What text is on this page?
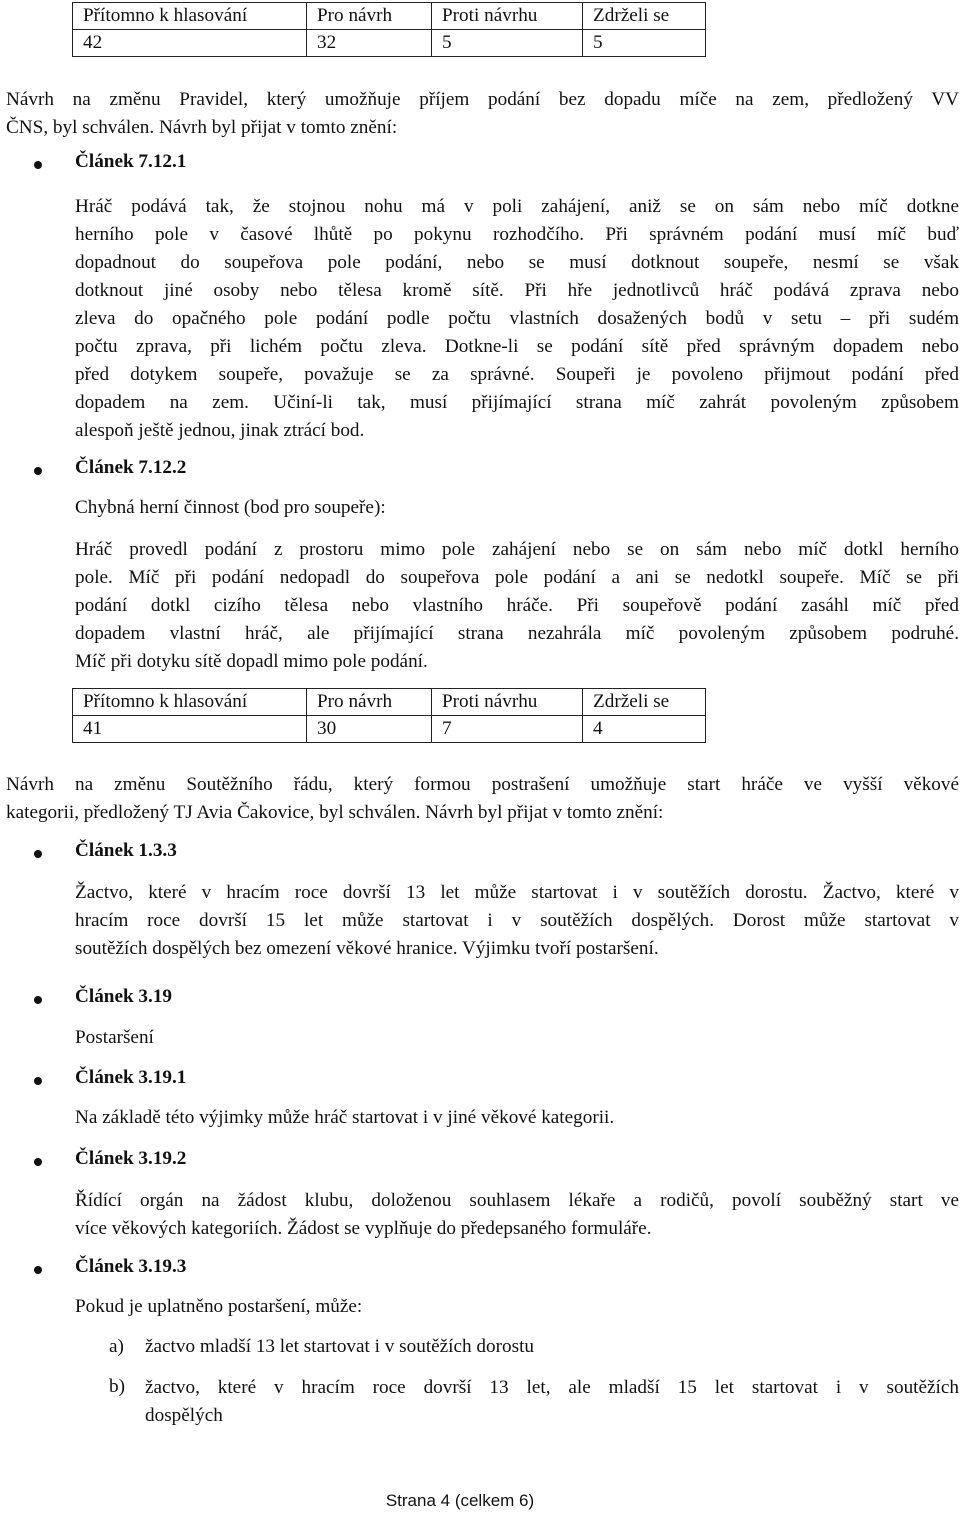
Přítomno k hlasování	Pro návrh	Proti návrhu	Zdrželi se
42	32	5	5
Návrh na změnu Pravidel, který umožňuje příjem podání bez dopadu míče na zem, předložený VV
ČNS, byl schválen. Návrh byl přijat v tomto znění:
Článek 7.12.1
Hráč podává tak, že stojnou nohu má v poli zahájení, aniž se on sám nebo míč dotkne
herního pole v časové lhůtě po pokynu rozhodčího. Při správném podání musí míč buď
dopadnout do soupeřova pole podání, nebo se musí dotknout soupeře, nesmí se však
dotknout jiné osoby nebo tělesa kromě sítě. Při hře jednotlivců hráč podává zprava nebo
zleva do opačného pole podání podle počtu vlastních dosažených bodů v setu – při sudém
počtu zprava, při lichém počtu zleva. Dotkne-li se podání sítě před správným dopadem nebo
před dotykem soupeře, považuje se za správné. Soupeři je povoleno přijmout podání před
dopadem na zem. Učiní-li tak, musí přijímající strana míč zahrát povoleným způsobem
alespoň ještě jednou, jinak ztrácí bod.
Článek 7.12.2
Chybná herní činnost (bod pro soupeře):
Hráč provedl podání z prostoru mimo pole zahájení nebo se on sám nebo míč dotkl herního
pole. Míč při podání nedopadl do soupeřova pole podání a ani se nedotkl soupeře. Míč se při
podání dotkl cizího tělesa nebo vlastního hráče. Při soupeřově podání zasáhl míč před
dopadem vlastní hráč, ale přijímající strana nezahrála míč povoleným způsobem podruhé.
Míč při dotyku sítě dopadl mimo pole podání.
Přítomno k hlasování	Pro návrh	Proti návrhu	Zdrželi se
41	30	7	4
Návrh na změnu Soutěžního řádu, který formou postrašení umožňuje start hráče ve vyšší věkové
kategorii, předložený TJ Avia Čakovice, byl schválen. Návrh byl přijat v tomto znění:
Článek 1.3.3
Žactvo, které v hracím roce dovrší 13 let může startovat i v soutěžích dorostu. Žactvo, které v
hracím roce dovrší 15 let může startovat i v soutěžích dospělých. Dorost může startovat v
soutěžích dospělých bez omezení věkové hranice. Výjimku tvoří postaršení.
Článek 3.19
Postaršení
Článek 3.19.1
Na základě této výjimky může hráč startovat i v jiné věkové kategorii.
Článek 3.19.2
Řídící orgán na žádost klubu, doloženou souhlasem lékaře a rodičů, povolí souběžný start ve
více věkových kategoriích. Žádost se vyplňuje do předepsaného formuláře.
Článek 3.19.3
Pokud je uplatněno postaršení, může:
a) žactvo mladší 13 let startovat i v soutěžích dorostu
b) žactvo, které v hracím roce dovrší 13 let, ale mladší 15 let startovat i v soutěžích
dospělých
Strana 4 (celkem 6)
